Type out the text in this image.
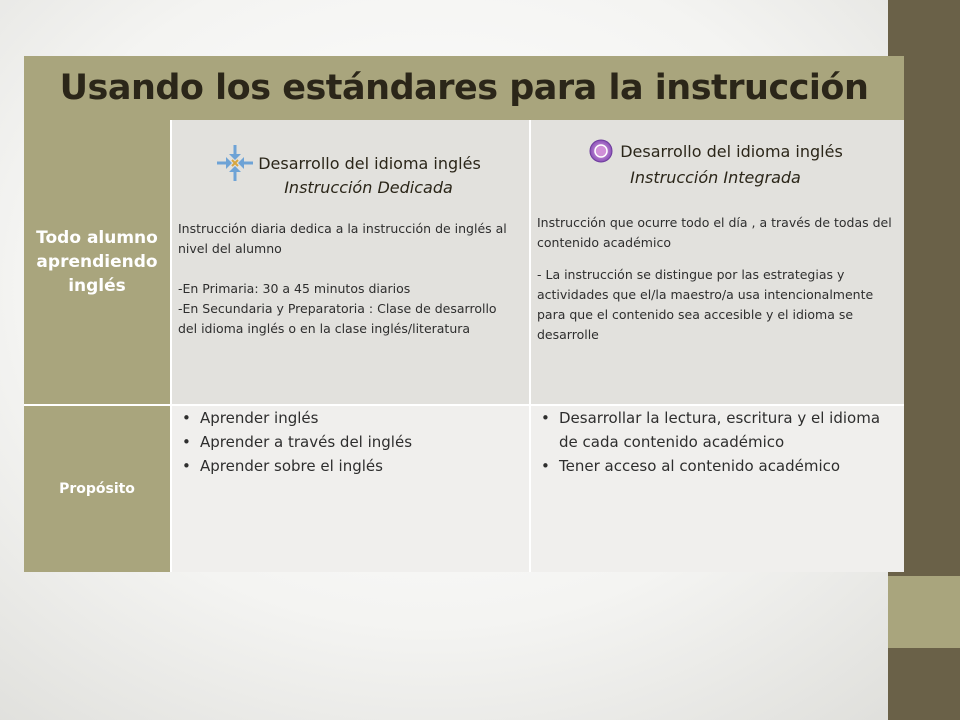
Usando los estándares para la instrucción
Todo alumno aprendiendo inglés
Desarrollo del idioma inglés
Instrucción Dedicada

Instrucción diaria dedica a la instrucción de inglés al nivel del alumno

-En Primaria: 30 a 45 minutos diarios

-En Secundaria y Preparatoria : Clase de desarrollo del idioma inglés o en la clase inglés/literatura

Desarrollo del idioma inglés
Instrucción Integrada

Instrucción que ocurre todo el día , a través de todas del contenido académico

- La instrucción se distingue por las estrategias y actividades que el/la maestro/a usa intencionalmente para que el contenido sea accesible y el idioma se desarrolle

Propósito
• Aprender inglés
• Aprender a través del inglés
• Aprender sobre el inglés
• Desarrollar la lectura, escritura y el idioma de cada contenido académico
• Tener acceso al contenido académico
